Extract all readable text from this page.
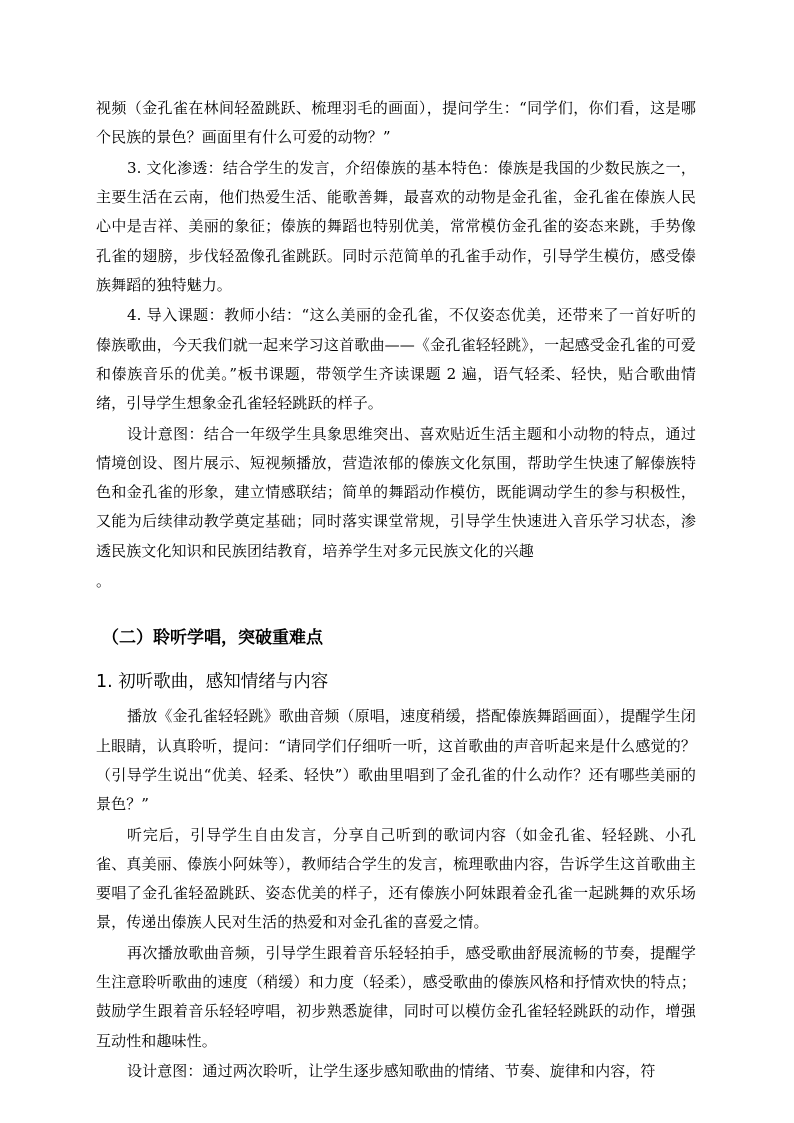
视频（金孔雀在林间轻盈跳跃、梳理羽毛的画面），提问学生：“同学们，你们看，这是哪个民族的景色？画面里有什么可爱的动物？”

3. 文化渗透：结合学生的发言，介绍傣族的基本特色：傣族是我国的少数民族之一，主要生活在云南，他们热爱生活、能歌善舞，最喜欢的动物是金孔雀，金孔雀在傣族人民心中是吉祥、美丽的象征；傣族的舞蹈也特别优美，常常模仿金孔雀的姿态来跳，手势像孔雀的翅膀，步伐轻盈像孔雀跳跃。同时示范简单的孔雀手动作，引导学生模仿，感受傣族舞蹈的独特魅力。

4. 导入课题：教师小结：“这么美丽的金孔雀，不仅姿态优美，还带来了一首好听的傣族歌曲，今天我们就一起来学习这首歌曲——《金孔雀轻轻跳》，一起感受金孔雀的可爱和傣族音乐的优美。”板书课题，带领学生齐读课题 2 遍，语气轻柔、轻快，贴合歌曲情绪，引导学生想象金孔雀轻轻跳跃的样子。

设计意图：结合一年级学生具象思维突出、喜欢贴近生活主题和小动物的特点，通过情境创设、图片展示、短视频播放，营造浓郁的傣族文化氛围，帮助学生快速了解傣族特色和金孔雀的形象，建立情感联结；简单的舞蹈动作模仿，既能调动学生的参与积极性，又能为后续律动教学奠定基础；同时落实课堂常规，引导学生快速进入音乐学习状态，渗透民族文化知识和民族团结教育，培养学生对多元民族文化的兴趣

。

（二）聆听学唱，突破重难点
1. 初听歌曲，感知情绪与内容

播放《金孔雀轻轻跳》歌曲音频（原唱，速度稍缓，搭配傣族舞蹈画面），提醒学生闭上眼睛，认真聆听，提问：“请同学们仔细听一听，这首歌曲的声音听起来是什么感觉的？（引导学生说出“优美、轻柔、轻快”）歌曲里唱到了金孔雀的什么动作？还有哪些美丽的景色？”

听完后，引导学生自由发言，分享自己听到的歌词内容（如金孔雀、轻轻跳、小孔雀、真美丽、傣族小阿妹等），教师结合学生的发言，梳理歌曲内容，告诉学生这首歌曲主要唱了金孔雀轻盈跳跃、姿态优美的样子，还有傣族小阿妹跟着金孔雀一起跳舞的欢乐场景，传递出傣族人民对生活的热爱和对金孔雀的喜爱之情。

再次播放歌曲音频，引导学生跟着音乐轻轻拍手，感受歌曲舒展流畅的节奏，提醒学生注意聆听歌曲的速度（稍缓）和力度（轻柔），感受歌曲的傣族风格和抒情欢快的特点；鼓励学生跟着音乐轻轻哼唱，初步熟悉旋律，同时可以模仿金孔雀轻轻跳跃的动作，增强互动性和趣味性。

设计意图：通过两次聆听，让学生逐步感知歌曲的情绪、节奏、旋律和内容，符
